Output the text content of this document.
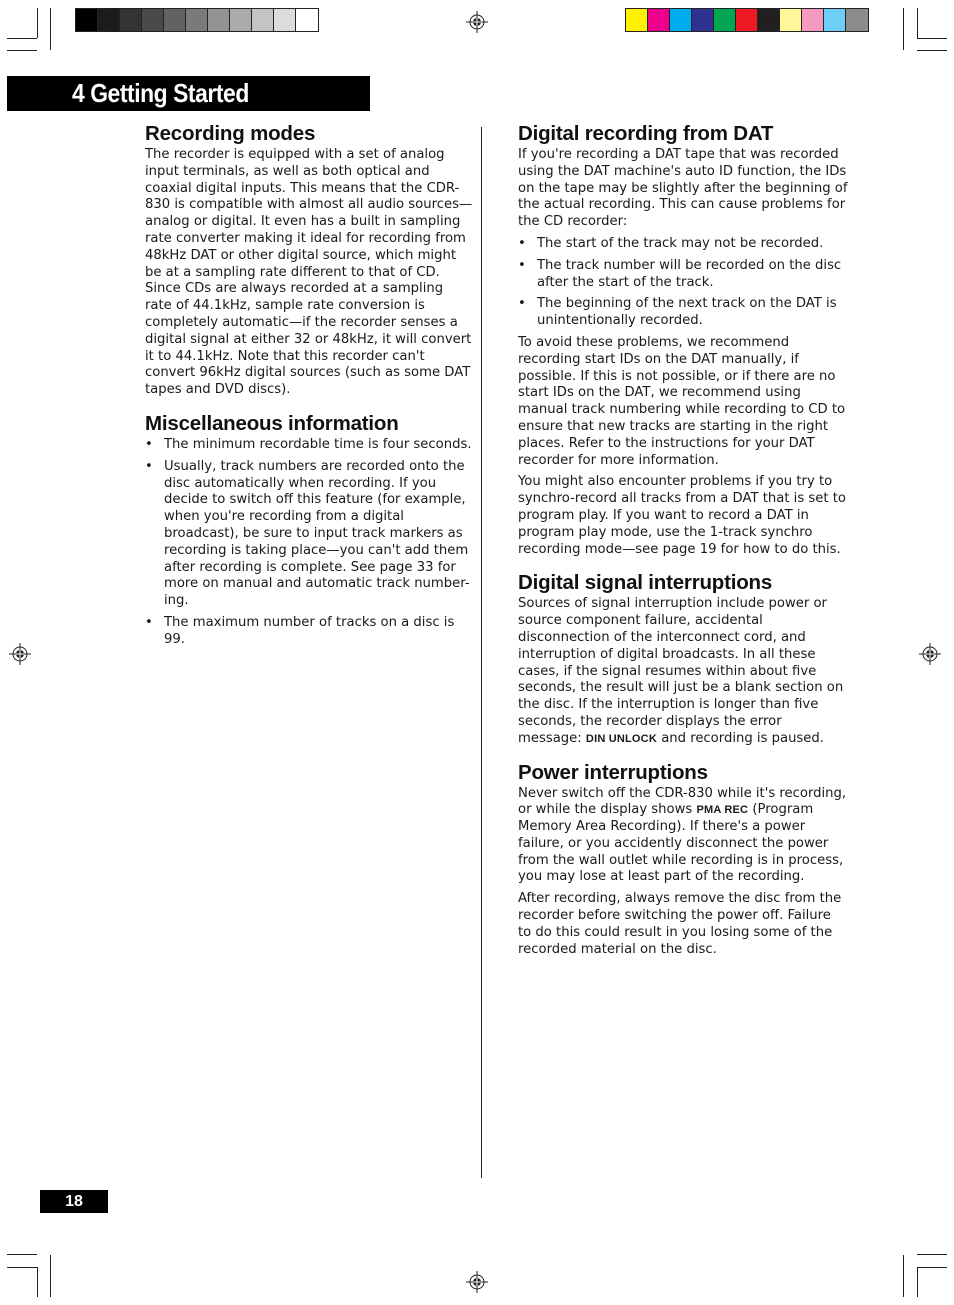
4 Getting Started
Recording modes

The recorder is equipped with a set of analog input terminals, as well as both optical and coaxial digital inputs. This means that the CDR-830 is compatible with almost all audio sources—analog or digital. It even has a built in sampling rate converter making it ideal for recording from 48kHz DAT or other digital source, which might be at a sampling rate different to that of CD. Since CDs are always recorded at a sampling rate of 44.1kHz, sample rate conversion is completely automatic—if the recorder senses a digital signal at either 32 or 48kHz, it will convert it to 44.1kHz. Note that this recorder can't convert 96kHz digital sources (such as some DAT tapes and DVD discs).

Miscellaneous information
• The minimum recordable time is four seconds.
• Usually, track numbers are recorded onto the disc automatically when recording. If you decide to switch off this feature (for example, when you're recording from a digital broadcast), be sure to input track markers as recording is taking place—you can't add them after recording is complete. See page 33 for more on manual and automatic track number-ing.
• The maximum number of tracks on a disc is 99.
Digital recording from DAT

If you're recording a DAT tape that was recorded using the DAT machine's auto ID function, the IDs on the tape may be slightly after the beginning of the actual recording. This can cause problems for the CD recorder:

• The start of the track may not be recorded.
• The track number will be recorded on the disc after the start of the track.
• The beginning of the next track on the DAT is unintentionally recorded.

To avoid these problems, we recommend recording start IDs on the DAT manually, if possible. If this is not possible, or if there are no start IDs on the DAT, we recommend using manual track numbering while recording to CD to ensure that new tracks are starting in the right places. Refer to the instructions for your DAT recorder for more information.

You might also encounter problems if you try to synchro-record all tracks from a DAT that is set to program play. If you want to record a DAT in program play mode, use the 1-track synchro recording mode—see page 19 for how to do this.

Digital signal interruptions

Sources of signal interruption include power or source component failure, accidental disconnection of the interconnect cord, and interruption of digital broadcasts. In all these cases, if the signal resumes within about five seconds, the result will just be a blank section on the disc. If the interruption is longer than five seconds, the recorder displays the error message: DIN UNLOCK and recording is paused.

Power interruptions

Never switch off the CDR-830 while it's recording, or while the display shows PMA REC (Program Memory Area Recording). If there's a power failure, or you accidently disconnect the power from the wall outlet while recording is in process, you may lose at least part of the recording.

After recording, always remove the disc from the recorder before switching the power off. Failure to do this could result in you losing some of the recorded material on the disc.

18
